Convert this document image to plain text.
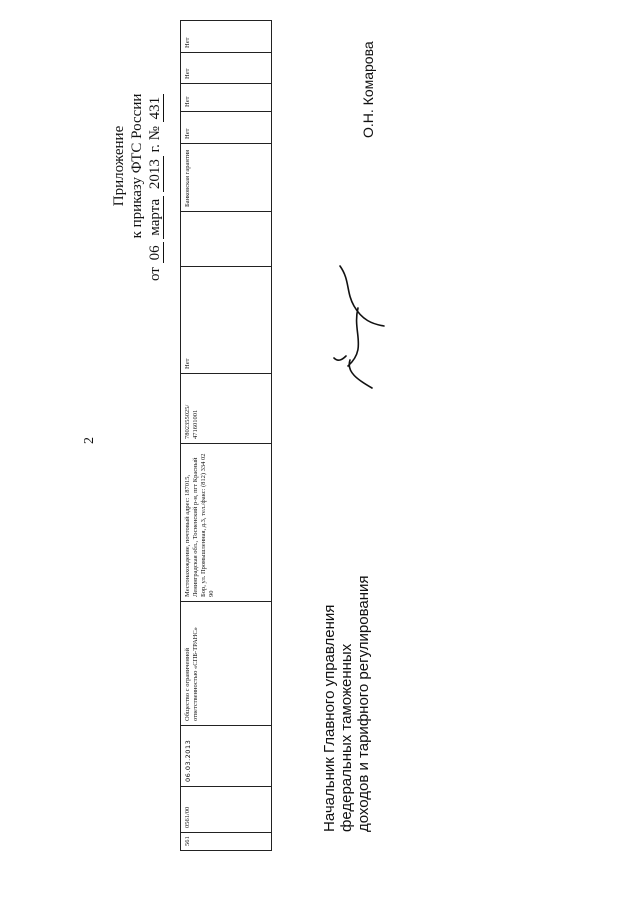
2
Приложение к приказу ФТС России
от 06 марта 2013 г. № 431
561	0561/00	06.03.2013	Общество с ограниченной ответственностью «СПБ-ТРАНС»	Местонахождение, почтовый адрес: 187015, Ленинградская обл., Тосненский р-н, пгт Красный Бор, ул. Промышленная, д.3, тел./факс: (812) 334 02 90	7802355025/ 471601001	Нет		Банковская гарантия	Нет	Нет	Нет	Нет
Начальник Главного управления федеральных таможенных доходов и тарифного регулирования
О.Н. Комарова
